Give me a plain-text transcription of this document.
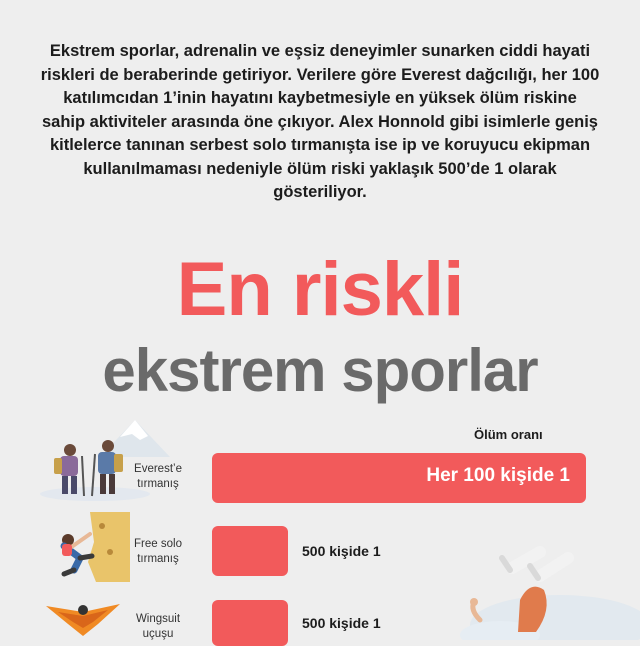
Ekstrem sporlar, adrenalin ve eşsiz deneyimler sunarken ciddi hayati riskleri de beraberinde getiriyor. Verilere göre Everest dağcılığı, her 100 katılımcıdan 1’inin hayatını kaybetmesiyle en yüksek ölüm riskine sahip aktiviteler arasında öne çıkıyor. Alex Honnold gibi isimlerle geniş kitlelerce tanınan serbest solo tırmanışta ise ip ve koruyucu ekipman kullanılmaması nedeniyle ölüm riski yaklaşık 500’de 1 olarak gösteriliyor.
En riskli
ekstrem sporlar
Ölüm oranı
Everest’e
tırmanış
Free solo
tırmanış
Wingsuit
uçuşu
Her 100 kişide 1
500 kişide 1
500 kişide 1
